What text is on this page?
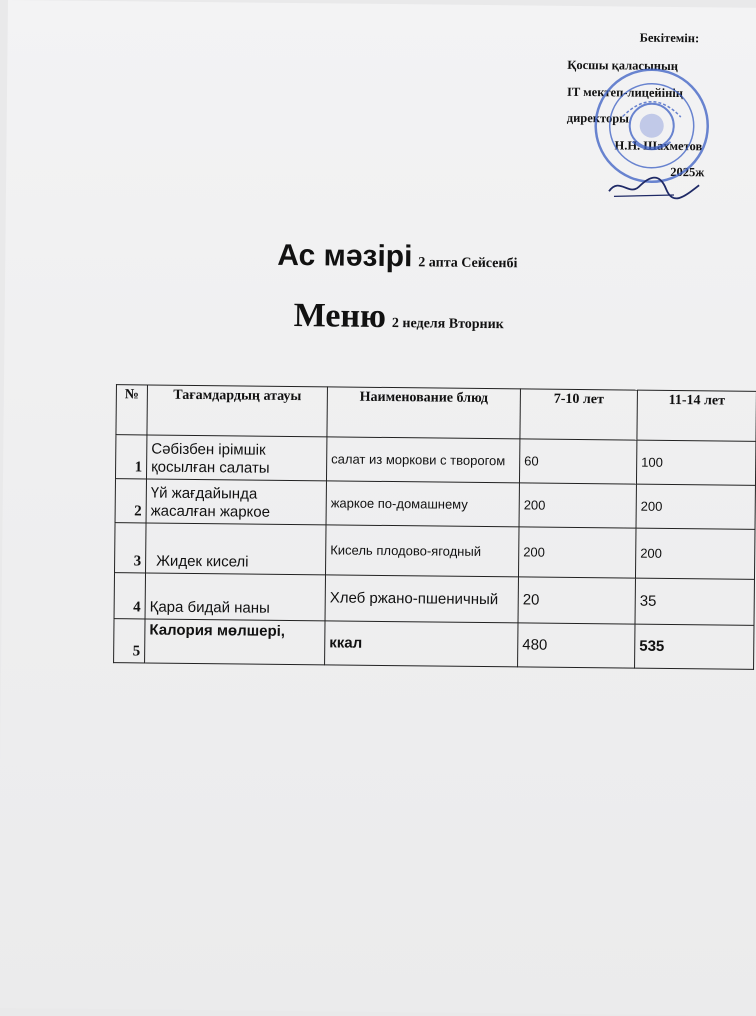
Бекітемін:
Қосшы қаласының
IT мектеп-лицейінің
директоры
Н.Н. Шахметов
2025ж
Ас мәзірі 2 апта Сейсенбі
Меню 2 неделя Вторник
№	Тағамдардың атауы	Наименование блюд	7-10 лет	11-14 лет
1	Сәбізбен ірімшік қосылған салаты	салат из моркови с творогом	60	100
2	Үй жағдайында жасалған жаркое	жаркое по-домашнему	200	200
3	Жидек киселі	Кисель плодово-ягодный	200	200
4	Қара бидай наны	Хлеб ржано-пшеничный	20	35
5	Калория мөлшері,	ккал	480	535
